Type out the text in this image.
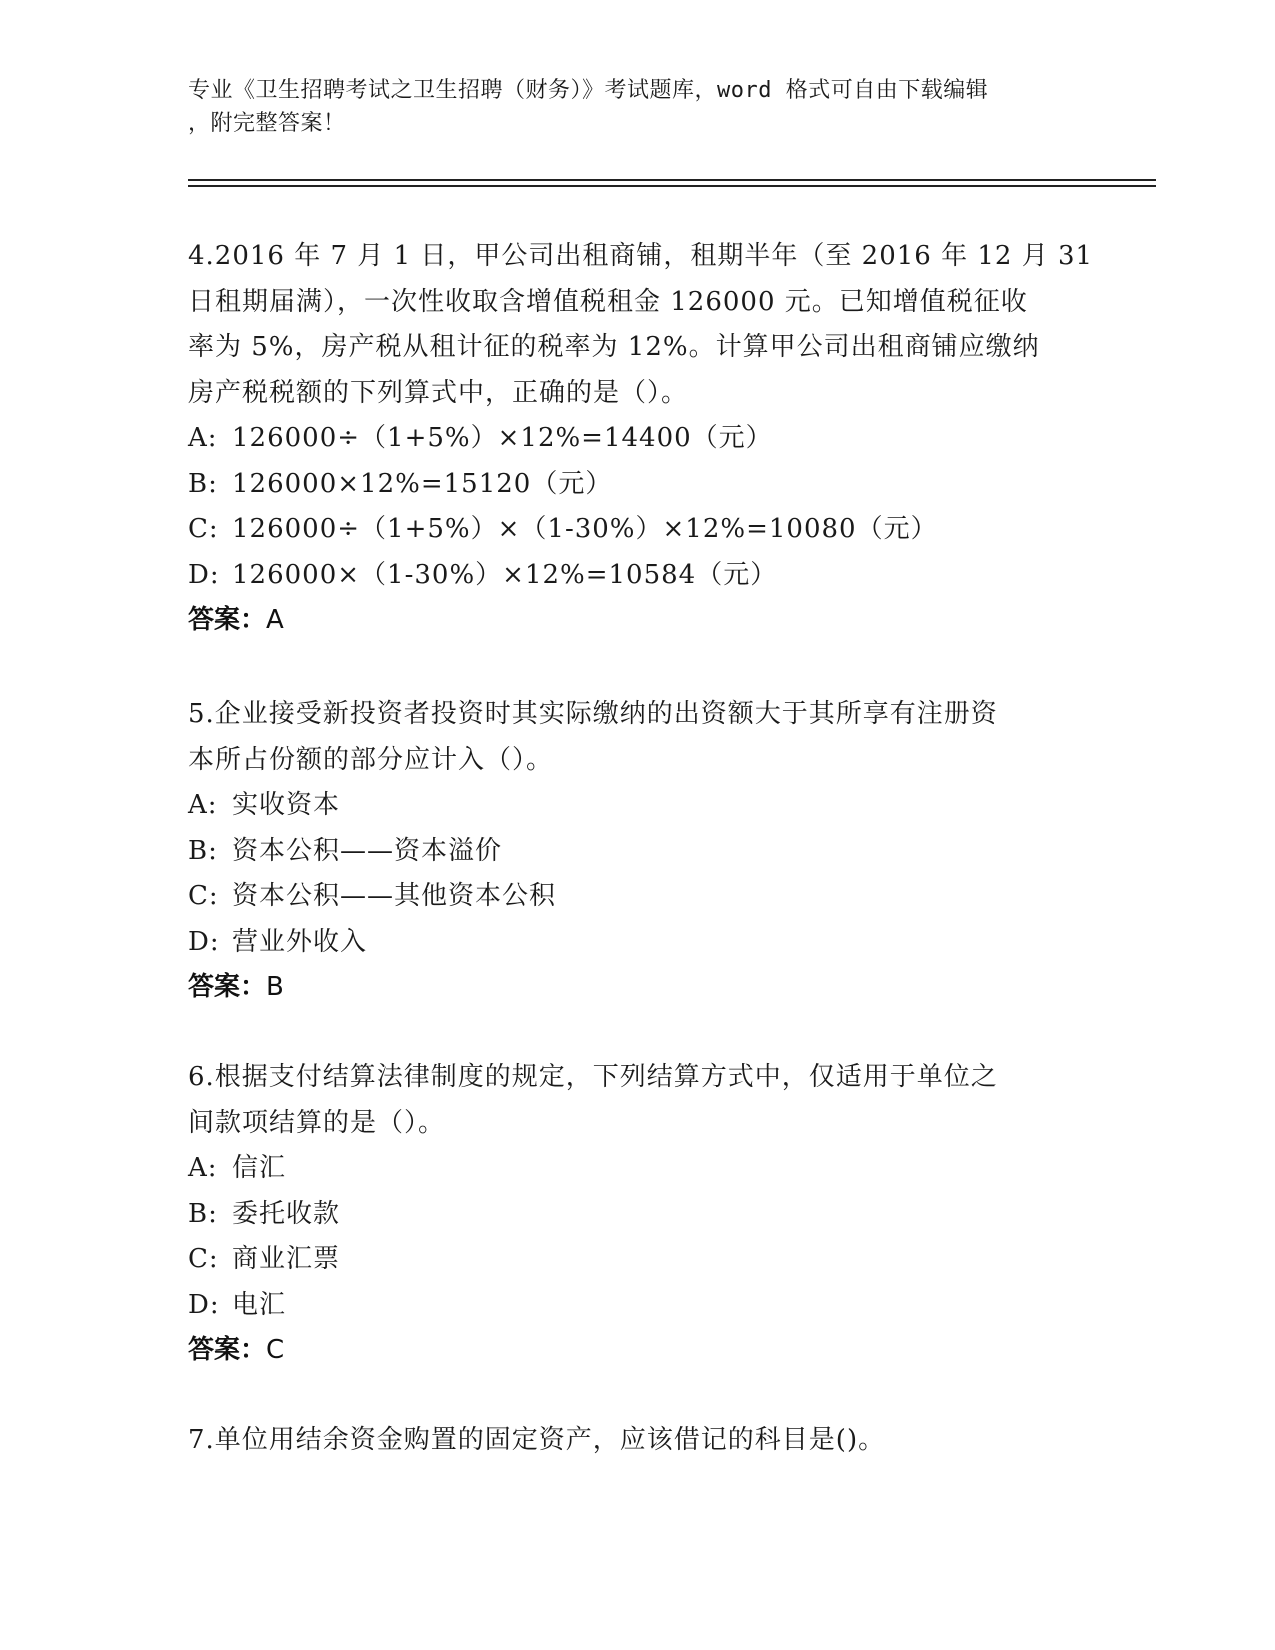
专业《卫生招聘考试之卫生招聘（财务）》考试题库，word 格式可自由下载编辑
，附完整答案！
4.2016 年 7 月 1 日，甲公司出租商铺，租期半年（至 2016 年 12 月 31
日租期届满），一次性收取含增值税租金 126000 元。已知增值税征收
率为 5%，房产税从租计征的税率为 12%。计算甲公司出租商铺应缴纳
房产税税额的下列算式中，正确的是（）。
A: 126000÷（1+5%）×12%=14400（元）
B: 126000×12%=15120（元）
C: 126000÷（1+5%）×（1-30%）×12%=10080（元）
D: 126000×（1-30%）×12%=10584（元）
答案：A
5.企业接受新投资者投资时其实际缴纳的出资额大于其所享有注册资
本所占份额的部分应计入（）。
A: 实收资本
B: 资本公积——资本溢价
C: 资本公积——其他资本公积
D: 营业外收入
答案：B
6.根据支付结算法律制度的规定，下列结算方式中，仅适用于单位之
间款项结算的是（）。
A: 信汇
B: 委托收款
C: 商业汇票
D: 电汇
答案：C
7.单位用结余资金购置的固定资产，应该借记的科目是()。
